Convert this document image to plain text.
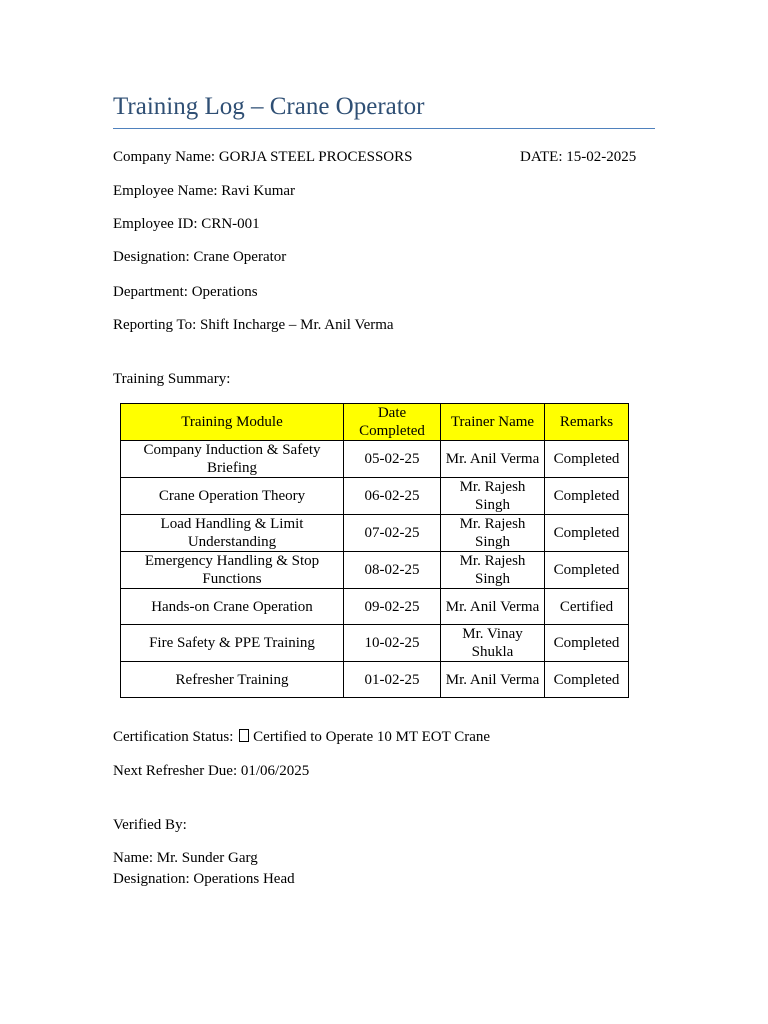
Training Log – Crane Operator
Company Name: GORJA STEEL PROCESSORS	DATE: 15-02-2025
Employee Name: Ravi Kumar
Employee ID: CRN-001
Designation: Crane Operator
Department: Operations
Reporting To: Shift Incharge – Mr. Anil Verma
Training Summary:
Training Module	Date Completed	Trainer Name	Remarks
Company Induction & Safety Briefing	05-02-25	Mr. Anil Verma	Completed
Crane Operation Theory	06-02-25	Mr. Rajesh Singh	Completed
Load Handling & Limit Understanding	07-02-25	Mr. Rajesh Singh	Completed
Emergency Handling & Stop Functions	08-02-25	Mr. Rajesh Singh	Completed
Hands-on Crane Operation	09-02-25	Mr. Anil Verma	Certified
Fire Safety & PPE Training	10-02-25	Mr. Vinay Shukla	Completed
Refresher Training	01-02-25	Mr. Anil Verma	Completed
Certification Status: Certified to Operate 10 MT EOT Crane
Next Refresher Due: 01/06/2025
Verified By:
Name: Mr. Sunder Garg
Designation: Operations Head
